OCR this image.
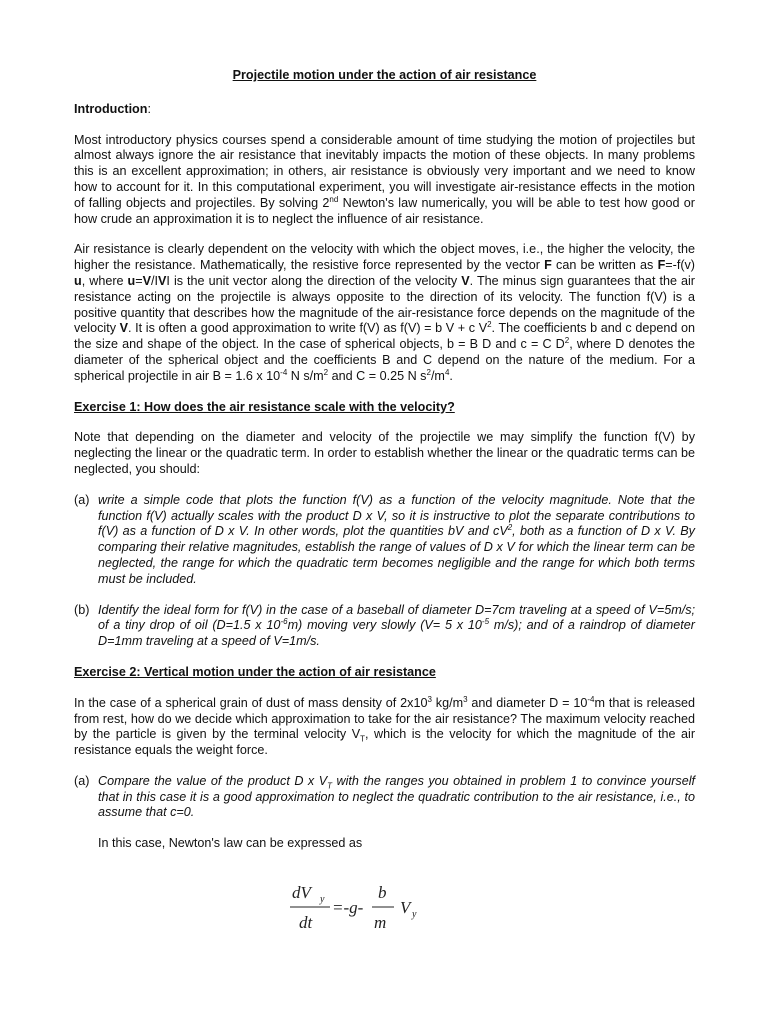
Projectile motion under the action of air resistance
Introduction:

Most introductory physics courses spend a considerable amount of time studying the motion of projectiles but almost always ignore the air resistance that inevitably impacts the motion of these objects. In many problems this is an excellent approximation; in others, air resistance is obviously very important and we need to know how to account for it. In this computational experiment, you will investigate air-resistance effects in the motion of falling objects and projectiles. By solving 2nd Newton's law numerically, you will be able to test how good or how crude an approximation it is to neglect the influence of air resistance.

Air resistance is clearly dependent on the velocity with which the object moves, i.e., the higher the velocity, the higher the resistance. Mathematically, the resistive force represented by the vector F can be written as F=-f(v) u, where u=V/IVI is the unit vector along the direction of the velocity V. The minus sign guarantees that the air resistance acting on the projectile is always opposite to the direction of its velocity. The function f(V) is a positive quantity that describes how the magnitude of the air-resistance force depends on the magnitude of the velocity V. It is often a good approximation to write f(V) as f(V) = b V + c $V^2$. The coefficients b and c depend on the size and shape of the object. In the case of spherical objects, b = B D and c = C $D^2$, where D denotes the diameter of the spherical object and the coefficients B and C depend on the nature of the medium. For a spherical projectile in air B = 1.6 x $10^{-4}$ N $s/m^2$ and C = 0.25 N $s^2/m^4$.

Exercise 1: How does the air resistance scale with the velocity?

Note that depending on the diameter and velocity of the projectile we may simplify the function f(V) by neglecting the linear or the quadratic term. In order to establish whether the linear or the quadratic terms can be neglected, you should:

(a) write a simple code that plots the function f(V) as a function of the velocity magnitude. Note that the function f(V) actually scales with the product D x V, so it is instructive to plot the separate contributions to f(V) as a function of D x V. In other words, plot the quantities bV and $cV^2$, both as a function of D x V. By comparing their relative magnitudes, establish the range of values of D x V for which the linear term can be neglected, the range for which the quadratic term becomes negligible and the range for which both terms must be included.
(b) Identify the ideal form for f(V) in the case of a baseball of diameter D=7cm traveling at a speed of V=5m/s; of a tiny drop of oil (D=1.5 x $10^{-6}m$) moving very slowly (V= 5 x $10^{-5}$ m/s); and of a raindrop of diameter D=1mm traveling at a speed of V=1m/s.
Exercise 2: Vertical motion under the action of air resistance

In the case of a spherical grain of dust of mass density of $2x10^3$ $kg/m^3$ and diameter $D = 10^{-4}m$ that is released from rest, how do we decide which approximation to take for the air resistance? The maximum velocity reached by the particle is given by the terminal velocity $V_T$, which is the velocity for which the magnitude of the air resistance equals the weight force.

(a) Compare the value of the product D x $V_T$ with the ranges you obtained in problem 1 to convince yourself that in this case it is a good approximation to neglect the quadratic contribution to the air resistance, i.e., to assume that c=0.

In this case, Newton's law can be expressed as

dV y
dt
=-g-
b
m
V y
